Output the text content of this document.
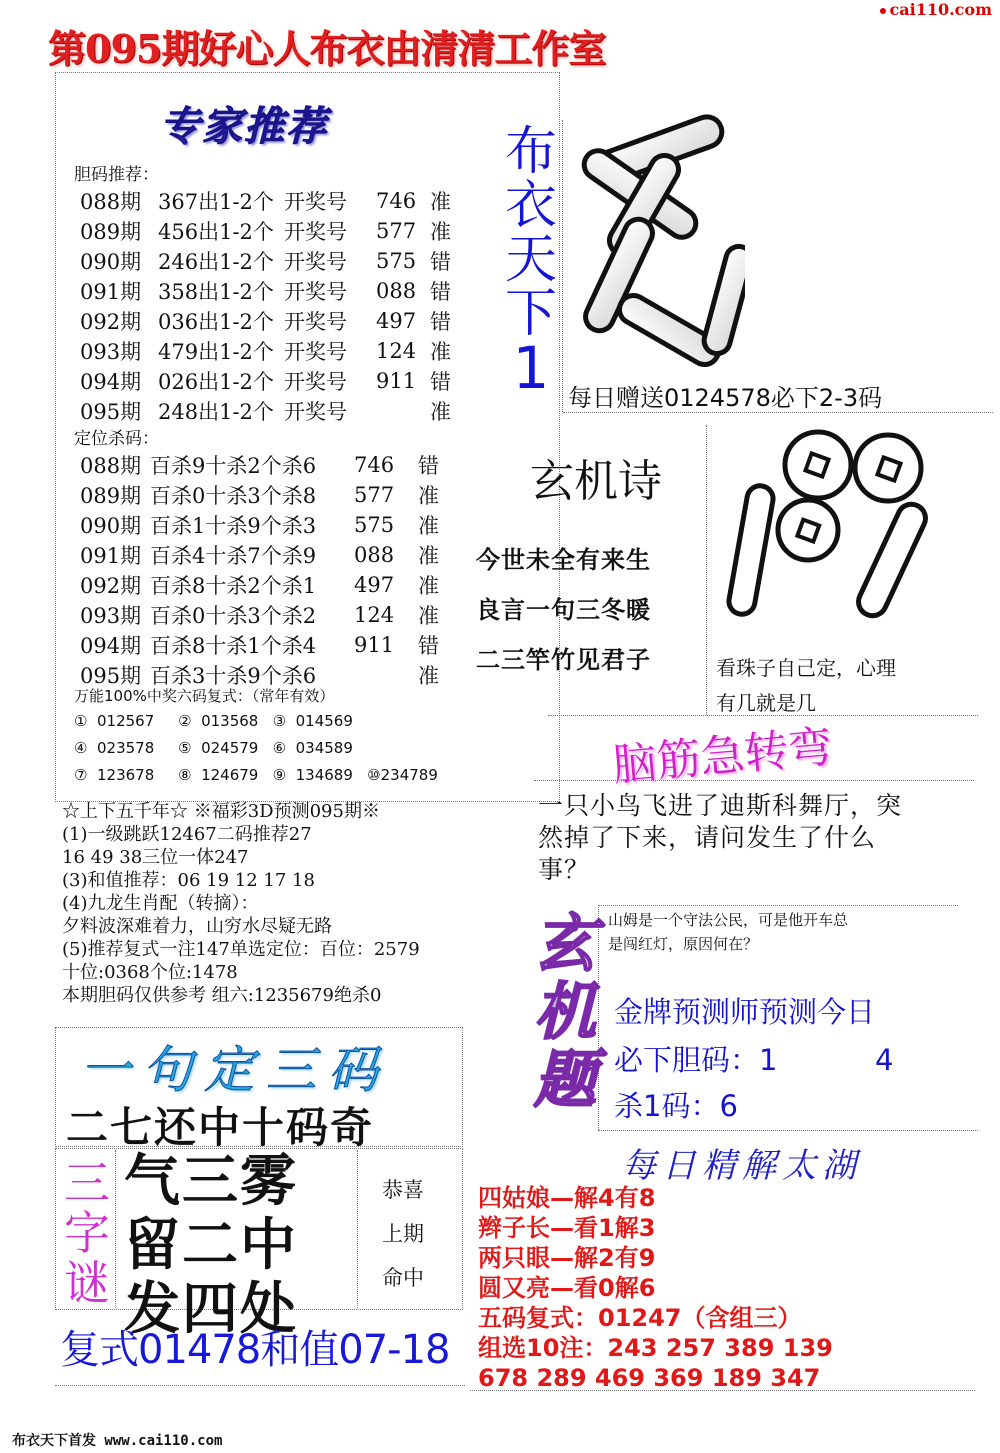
第095期好心人布衣由清清工作室
cai110.com
专家推荐
胆码推荐：
088期	367出1-2个	开奖号	746	准
089期	456出1-2个	开奖号	577	准
090期	246出1-2个	开奖号	575	错
091期	358出1-2个	开奖号	088	错
092期	036出1-2个	开奖号	497	错
093期	479出1-2个	开奖号	124	准
094期	026出1-2个	开奖号	911	错
095期	248出1-2个	开奖号		准
定位杀码：
088期	百杀9十杀2个杀6	746	错
089期	百杀0十杀3个杀8	577	准
090期	百杀1十杀9个杀3	575	准
091期	百杀4十杀7个杀9	088	准
092期	百杀8十杀2个杀1	497	准
093期	百杀0十杀3个杀2	124	准
094期	百杀8十杀1个杀4	911	错
095期	百杀3十杀9个杀6		准
万能100%中奖六码复式：（常年有效）
①  012567     ②  013568   ③  014569
④  023578     ⑤  024579   ⑥  034589
⑦  123678     ⑧  124679   ⑨  134689   ⑩234789
☆上下五千年☆ ※福彩3D预测095期※
(1)一级跳跃12467二码推荐27
16 49 38三位一体247
(3)和值推荐：06 19 12 17 18
(4)九龙生肖配（转摘）：
夕料波深难着力，山穷水尽疑无路
(5)推荐复式一注147单选定位：百位：2579
十位:0368个位:1478
本期胆码仅供参考 组六:1235679绝杀0
布
衣
天
下
1 每日赠送0124578必下2-3码
玄机诗
今世未全有来生
良言一句三冬暖
二三竿竹见君子	看珠子自己定，心理
有几就是几
脑筋急转弯
一只小鸟飞进了迪斯科舞厅，突然掉了下来，请问发生了什么事？
山姆是一个守法公民，可是他开车总是闯红灯，原因何在？
玄
机
题
金牌预测师预测今日
必下胆码：1	4
杀1码：6
每日精解太湖
四姑娘—解4有8
辫子长—看1解3
两只眼—解2有9
圆又亮—看0解6
五码复式：01247（含组三）
组选10注：243 257 389 139
678 289 469 369 189 347
一句定三码
二七还中十码奇
三
字
谜
气三雾
留二中
发四处
恭喜
上期
命中
复式01478和值07-18
布衣天下首发 www.cai110.com
